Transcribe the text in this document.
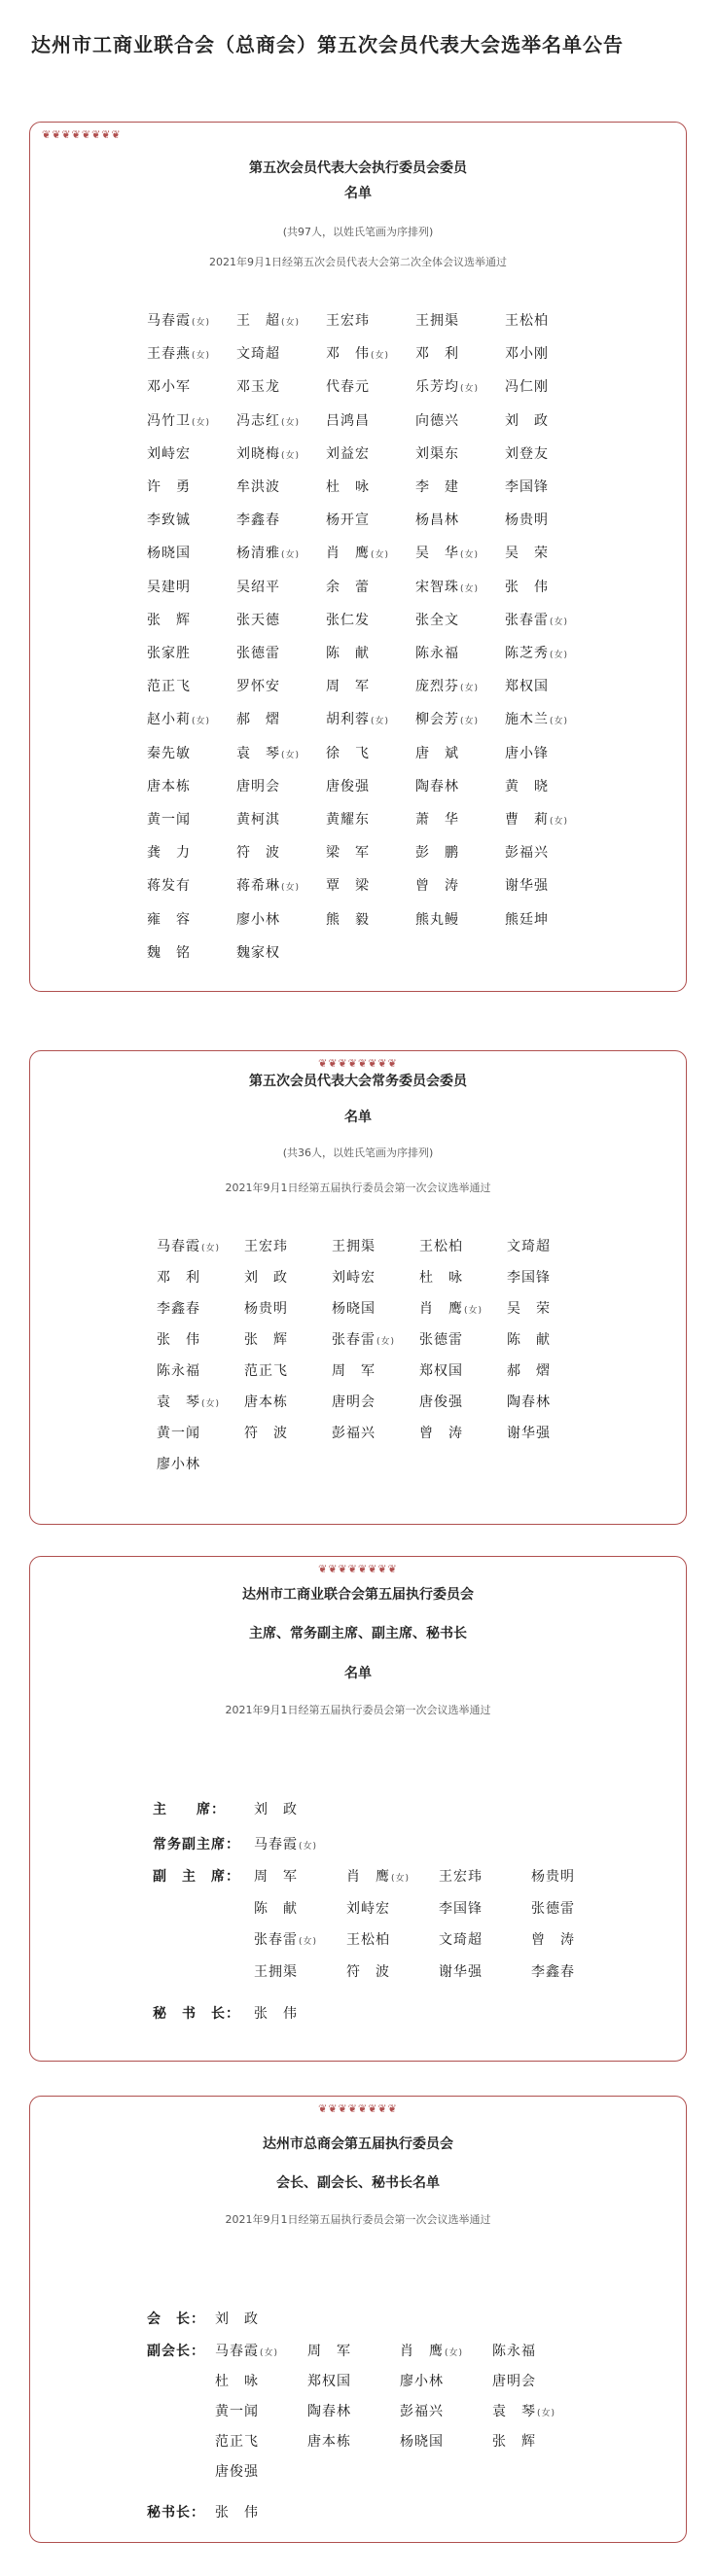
达州市工商业联合会（总商会）第五次会员代表大会选举名单公告
❦❦❦❦❦❦❦❦
第五次会员代表大会执行委员会委员
名单
(共97人，以姓氏笔画为序排列)
2021年9月1日经第五次会员代表大会第二次全体会议选举通过
马春霞(女) 王　超(女) 王宏玮	王拥渠	王松柏
王春燕(女) 文琦超	邓　伟(女) 邓　利	邓小刚
邓小军	邓玉龙	代春元	乐芳均(女) 冯仁刚
冯竹卫(女) 冯志红(女) 吕鸿昌	向德兴	刘　政
刘峙宏	刘晓梅(女) 刘益宏	刘渠东	刘登友
许　勇	牟洪波	杜　咏	李　建	李国锋
李致铖	李鑫春	杨开宣	杨昌林	杨贵明
杨晓国	杨清雅(女) 肖　鹰(女) 吴　华(女) 吴　荣
吴建明	吴绍平	余　蕾	宋智珠(女) 张　伟
张　辉	张天德	张仁发	张全文	张春雷(女)
张家胜	张德雷	陈　献	陈永福	陈芝秀(女)
范正飞	罗怀安	周　军	庞烈芬(女) 郑权国
赵小莉(女) 郝　熠	胡利蓉(女) 柳会芳(女) 施木兰(女)
秦先敏	袁　琴(女) 徐　飞	唐　斌	唐小锋
唐本栋	唐明会	唐俊强	陶春林	黄　晓
黄一闻	黄柯淇	黄耀东	萧　华	曹　莉(女)
龚　力	符　波	梁　军	彭　鹏	彭福兴
蒋发有	蒋希琳(女) 覃　梁	曾　涛	谢华强
雍　容	廖小林	熊　毅	熊丸鳗	熊廷坤
魏　铭	魏家权
❦❦❦❦❦❦❦❦
第五次会员代表大会常务委员会委员
名单
(共36人，以姓氏笔画为序排列)
2021年9月1日经第五届执行委员会第一次会议选举通过
马春霞(女) 王宏玮	王拥渠	王松柏	文琦超
邓　利	刘　政	刘峙宏	杜　咏	李国锋
李鑫春	杨贵明	杨晓国	肖　鹰(女) 吴　荣
张　伟	张　辉	张春雷(女) 张德雷	陈　献
陈永福	范正飞	周　军	郑权国	郝　熠
袁　琴(女) 唐本栋	唐明会	唐俊强	陶春林
黄一闻	符　波	彭福兴	曾　涛	谢华强
廖小林
❦❦❦❦❦❦❦❦
达州市工商业联合会第五届执行委员会
主席、常务副主席、副主席、秘书长
名单
2021年9月1日经第五届执行委员会第一次会议选举通过
主　　席： 刘　政
常务副主席： 马春霞(女)
副　主　席： 周　军	肖　鹰(女) 王宏玮	杨贵明
陈　献	刘峙宏	李国锋	张德雷
张春雷(女) 王松柏	文琦超	曾　涛
王拥渠	符　波	谢华强	李鑫春
秘　书　长： 张　伟
❦❦❦❦❦❦❦❦
达州市总商会第五届执行委员会
会长、副会长、秘书长名单
2021年9月1日经第五届执行委员会第一次会议选举通过
会　长： 刘　政
副会长： 马春霞(女) 周　军	肖　鹰(女) 陈永福
杜　咏	郑权国	廖小林	唐明会
黄一闻	陶春林	彭福兴	袁　琴(女)
范正飞	唐本栋	杨晓国	张　辉
唐俊强
秘书长： 张　伟
